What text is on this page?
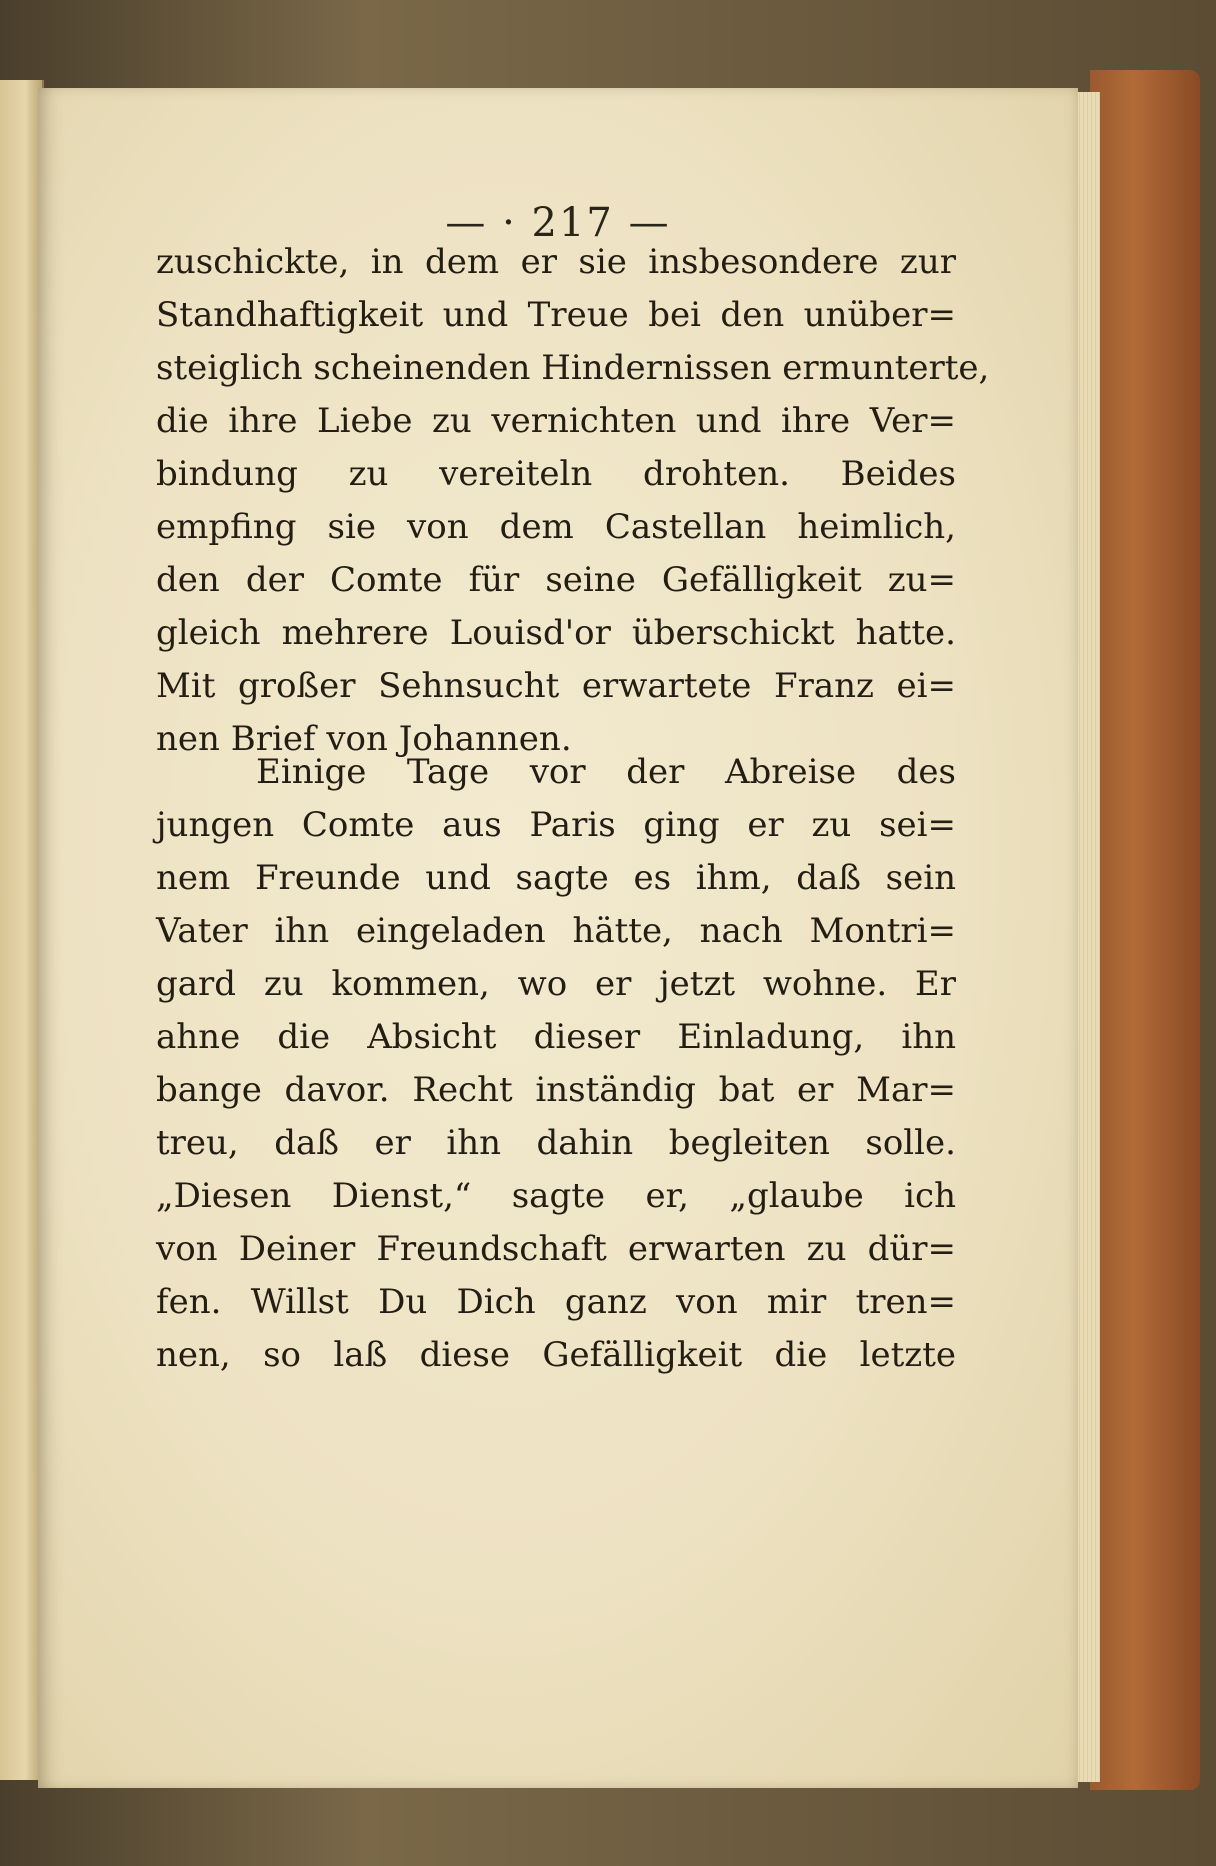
— · 217 —
zuschickte, in dem er sie insbesondere zur
Standhaftigkeit und Treue bei den unüber=
steiglich scheinenden Hindernissen ermunterte,
die ihre Liebe zu vernichten und ihre Ver=
bindung zu vereiteln drohten. Beides
empfing sie von dem Castellan heimlich,
den der Comte für seine Gefälligkeit zu=
gleich mehrere Louisd'or überschickt hatte.
Mit großer Sehnsucht erwartete Franz ei=
nen Brief von Johannen.
Einige Tage vor der Abreise des
jungen Comte aus Paris ging er zu sei=
nem Freunde und sagte es ihm, daß sein
Vater ihn eingeladen hätte, nach Montri=
gard zu kommen, wo er jetzt wohne. Er
ahne die Absicht dieser Einladung, ihn
bange davor. Recht inständig bat er Mar=
treu, daß er ihn dahin begleiten solle.
„Diesen Dienst,“ sagte er, „glaube ich
von Deiner Freundschaft erwarten zu dür=
fen. Willst Du Dich ganz von mir tren=
nen, so laß diese Gefälligkeit die letzte
